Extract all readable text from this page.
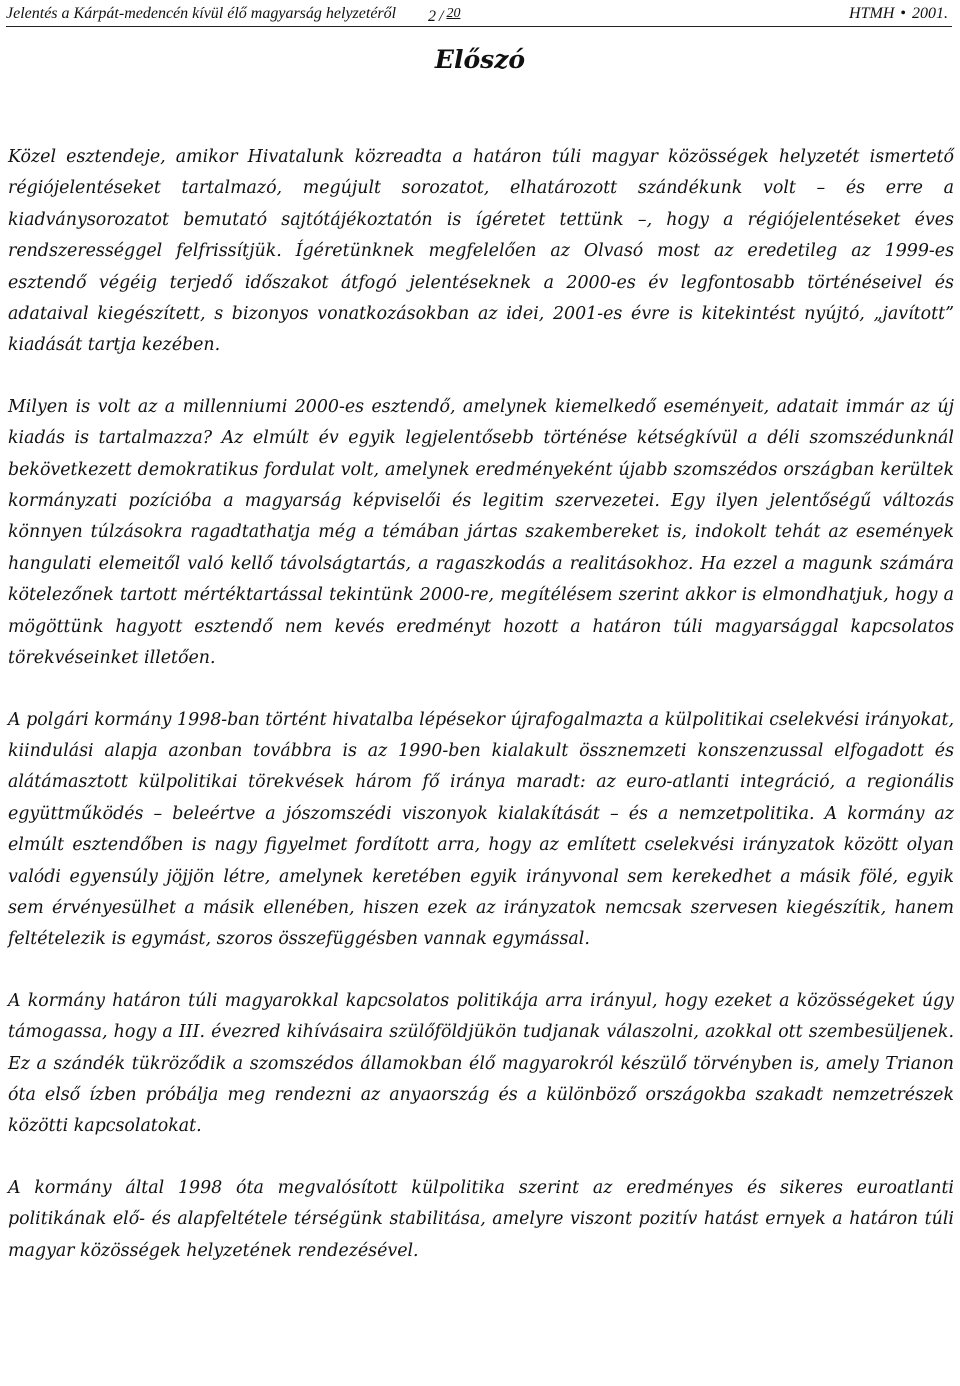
Jelentés a Kárpát-medencén kívül élő magyarság helyzetéről 2 / 20	HTMH • 2001.
Előszó

Közel esztendeje, amikor Hivatalunk közreadta a határon túli magyar közösségek helyzetét ismertető régiójelentéseket tartalmazó, megújult sorozatot, elhatározott szándékunk volt – és erre a kiadványsorozatot bemutató sajtótájékoztatón is ígéretet tettünk –, hogy a régiójelentéseket éves rendszerességgel felfrissítjük. Ígéretünknek megfelelően az Olvasó most az eredetileg az 1999-es esztendő végéig terjedő időszakot átfogó jelentéseknek a 2000-es év legfontosabb történéseivel és adataival kiegészített, s bizonyos vonatkozásokban az idei, 2001-es évre is kitekintést nyújtó, „javított” kiadását tartja kezében.

Milyen is volt az a millenniumi 2000-es esztendő, amelynek kiemelkedő eseményeit, adatait immár az új kiadás is tartalmazza? Az elmúlt év egyik legjelentősebb történése kétségkívül a déli szomszédunknál bekövetkezett demokratikus fordulat volt, amelynek eredményeként újabb szomszédos országban kerültek kormányzati pozícióba a magyarság képviselői és legitim szervezetei. Egy ilyen jelentőségű változás könnyen túlzásokra ragadtathatja még a témában jártas szakembereket is, indokolt tehát az események hangulati elemeitől való kellő távolságtartás, a ragaszkodás a realitásokhoz. Ha ezzel a magunk számára kötelezőnek tartott mértéktartással tekintünk 2000-re, megítélésem szerint akkor is elmondhatjuk, hogy a mögöttünk hagyott esztendő nem kevés eredményt hozott a határon túli magyarsággal kapcsolatos törekvéseinket illetően.

A polgári kormány 1998-ban történt hivatalba lépésekor újrafogalmazta a külpolitikai cselekvési irányokat, kiindulási alapja azonban továbbra is az 1990-ben kialakult össznemzeti konszenzussal elfogadott és alátámasztott külpolitikai törekvések három fő iránya maradt: az euro-atlanti integráció, a regionális együttműködés – beleértve a jószomszédi viszonyok kialakítását – és a nemzetpolitika. A kormány az elmúlt esztendőben is nagy figyelmet fordított arra, hogy az említett cselekvési irányzatok között olyan valódi egyensúly jöjjön létre, amelynek keretében egyik irányvonal sem kerekedhet a másik fölé, egyik sem érvényesülhet a másik ellenében, hiszen ezek az irányzatok nemcsak szervesen kiegészítik, hanem feltételezik is egymást, szoros összefüggésben vannak egymással.

A kormány határon túli magyarokkal kapcsolatos politikája arra irányul, hogy ezeket a közösségeket úgy támogassa, hogy a III. évezred kihívásaira szülőföldjükön tudjanak válaszolni, azokkal ott szembesüljenek. Ez a szándék tükröződik a szomszédos államokban élő magyarokról készülő törvényben is, amely Trianon óta első ízben próbálja meg rendezni az anyaország és a különböző országokba szakadt nemzetrészek közötti kapcsolatokat.

A kormány által 1998 óta megvalósított külpolitika szerint az eredményes és sikeres euroatlanti politikának elő- és alapfeltétele térségünk stabilitása, amelyre viszont pozitív hatást ernyek a határon túli magyar közösségek helyzetének rendezésével.
